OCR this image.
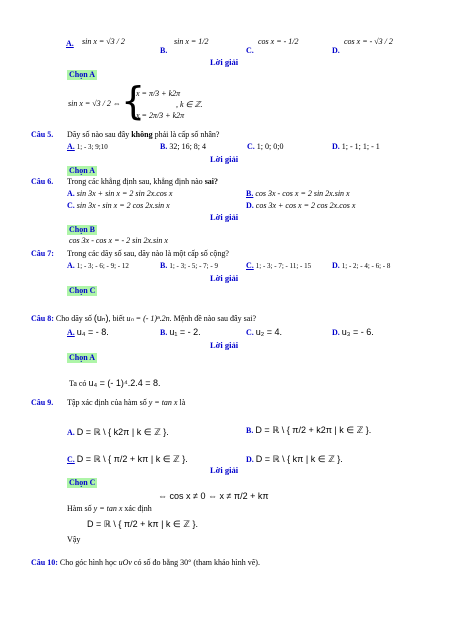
A. sin x = √3 / 2
B.
sin x = 1/2
C.
cos x = - 1/2
D.
cos x = - √3 / 2
Lời giải
Chọn A
sin x = √3 / 2 ⇔ {
x = π/3 + k2π
x = 2π/3 + k2π
, k ∈ ℤ.
Câu 5. Dãy số nào sau đây không phải là cấp số nhân?
A. 1; - 3; 9;10	B. 32; 16; 8; 4	C. 1; 0; 0;0	D. 1; - 1; 1; - 1
Lời giải
Chọn A
Câu 6. Trong các khẳng định sau, khẳng định nào sai?
A. sin 3x + sin x = 2 sin 2x.cos x	B. cos 3x - cos x = 2 sin 2x.sin x
C. sin 3x - sin x = 2 cos 2x.sin x	D. cos 3x + cos x = 2 cos 2x.cos x
Lời giải
Chọn B
cos 3x - cos x = - 2 sin 2x.sin x
Câu 7: Trong các dãy số sau, dãy nào là một cấp số cộng?
A. 1; - 3; - 6; - 9; - 12	B. 1; - 3; - 5; - 7; - 9	C. 1; - 3; - 7; - 11; - 15	D. 1; - 2; - 4; - 6; - 8
Lời giải
Chọn C
Câu 8: Cho dãy số (uₙ), biết uₙ = (- 1)ⁿ.2n. Mệnh đề nào sau đây sai?
A. u₄ = - 8.	B. u₁ = - 2.	C. u₂ = 4.	D. u₃ = - 6.
Lời giải
Chọn A
Ta có u₄ = (- 1)⁴.2.4 = 8.
Câu 9. Tập xác định của hàm số y = tan x là
A. D = ℝ \ { k2π | k ∈ ℤ }.	B. D = ℝ \ { π/2 + k2π | k ∈ ℤ }.
C. D = ℝ \ { π/2 + kπ | k ∈ ℤ }.	D. D = ℝ \ { kπ | k ∈ ℤ }.
Lời giải
Chọn C
⇔ cos x ≠ 0 ⇔ x ≠ π/2 + kπ
Hàm số y = tan x xác định
D = ℝ \ { π/2 + kπ | k ∈ ℤ }.
Vậy
Câu 10: Cho góc hình học uOv có số đo bằng 30° (tham khảo hình vẽ).
